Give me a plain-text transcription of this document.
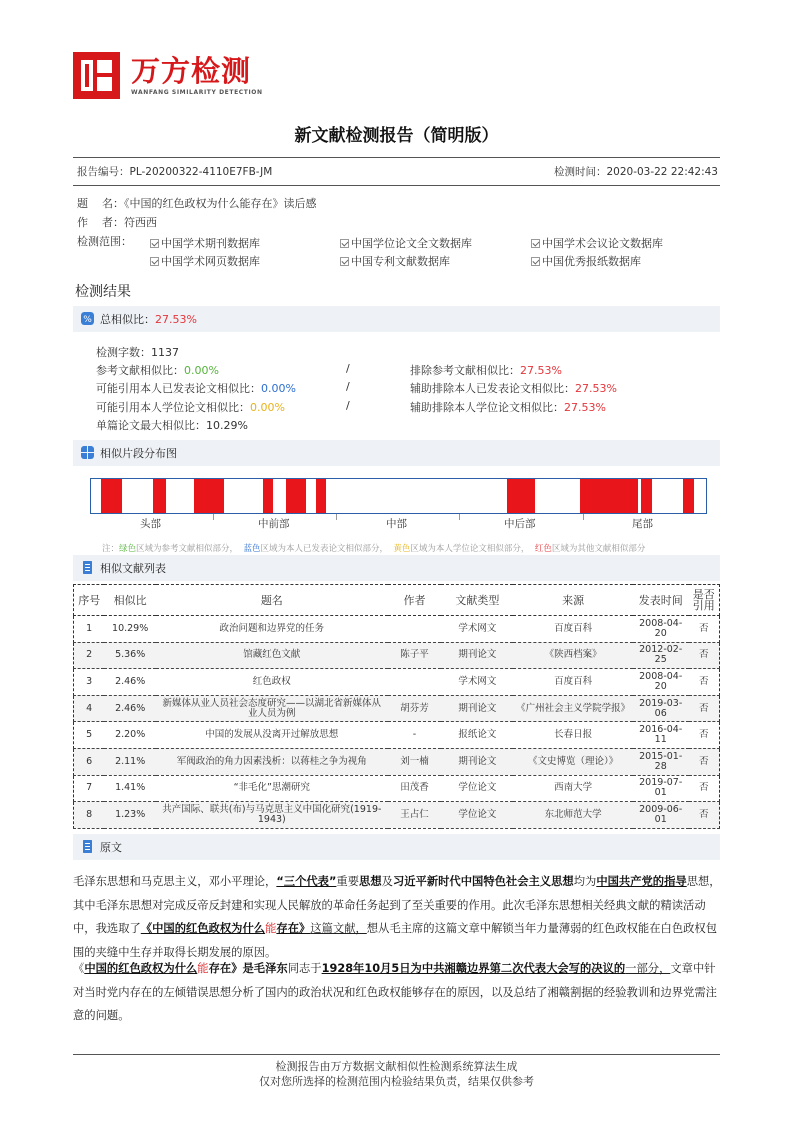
万方检测
WANFANG SIMILARITY DETECTION
新文献检测报告（简明版）
报告编号：PL-20200322-4110E7FB-JM	检测时间：2020-03-22 22:42:43
题    名：《中国的红色政权为什么能存在》读后感
作    者：符西西
检测范围：	中国学术期刊数据库	中国学位论文全文数据库	中国学术会议论文数据库
中国学术网页数据库	中国专利文献数据库	中国优秀报纸数据库
检测结果
% 总相似比：27.53%
检测字数：1137
参考文献相似比：0.00%	/	排除参考文献相似比：27.53%
可能引用本人已发表论文相似比：0.00%	/	辅助排除本人已发表论文相似比：27.53%
可能引用本人学位论文相似比：0.00%	/	辅助排除本人学位论文相似比：27.53%
单篇论文最大相似比：10.29%
相似片段分布图
头部	中前部	中部	中后部	尾部
注：绿色区域为参考文献相似部分， 蓝色区域为本人已发表论文相似部分， 黄色区域为本人学位论文相似部分， 红色区域为其他文献相似部分
相似文献列表
序号	相似比	题名	作者	文献类型	来源	发表时间	是否引用
1	10.29%	政治问题和边界党的任务		学术网文	百度百科	2008-04-20	否
2	5.36%	馆藏红色文献	陈子平	期刊论文	《陕西档案》	2012-02-25	否
3	2.46%	红色政权		学术网文	百度百科	2008-04-20	否
4	2.46%	新媒体从业人员社会态度研究——以湖北省新媒体从业人员为例	胡芬芳	期刊论文	《广州社会主义学院学报》	2019-03-06	否
5	2.20%	中国的发展从没离开过解放思想	-	报纸论文	长春日报	2016-04-11	否
6	2.11%	军阀政治的角力因素浅析：以蒋桂之争为视角	刘一楠	期刊论文	《文史博览（理论）》	2015-01-28	否
7	1.41%	“非毛化”思潮研究	田茂香	学位论文	西南大学	2019-07-01	否
8	1.23%	共产国际、联共(布)与马克思主义中国化研究(1919-1943)	王占仁	学位论文	东北师范大学	2009-06-01	否
原文
毛泽东思想和马克思主义，邓小平理论，“三个代表”重要思想及习近平新时代中国特色社会主义思想均为中国共产党的指导思想，其中毛泽东思想对完成反帝反封建和实现人民解放的革命任务起到了至关重要的作用。此次毛泽东思想相关经典文献的精读活动中，我选取了《中国的红色政权为什么能存在》这篇文献，想从毛主席的这篇文章中解锁当年力量薄弱的红色政权能在白色政权包围的夹缝中生存并取得长期发展的原因。
《中国的红色政权为什么能存在》是毛泽东同志于1928年10月5日为中共湘赣边界第二次代表大会写的决议的一部分，文章中针对当时党内存在的左倾错误思想分析了国内的政治状况和红色政权能够存在的原因，以及总结了湘赣割据的经验教训和边界党需注意的问题。
检测报告由万方数据文献相似性检测系统算法生成
仅对您所选择的检测范围内检验结果负责，结果仅供参考
